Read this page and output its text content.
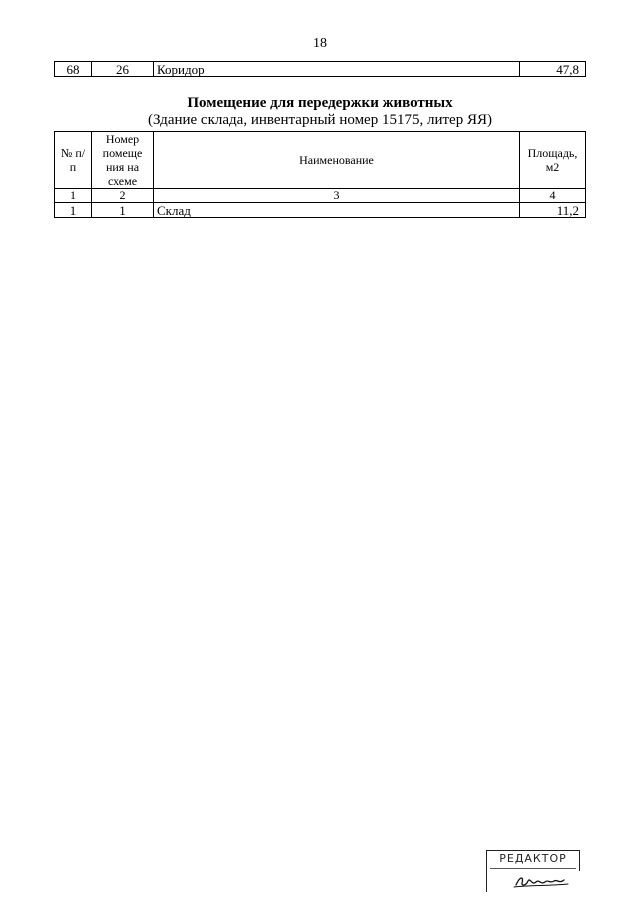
18
68	26	Коридор	47,8
Помещение для передержки животных
(Здание склада, инвентарный номер 15175, литер ЯЯ)
№ п/п	Номер помеще ния на схеме	Наименование	Площадь, м2
1	2	3	4
1	1	Склад	11,2
РЕДАКТОР
